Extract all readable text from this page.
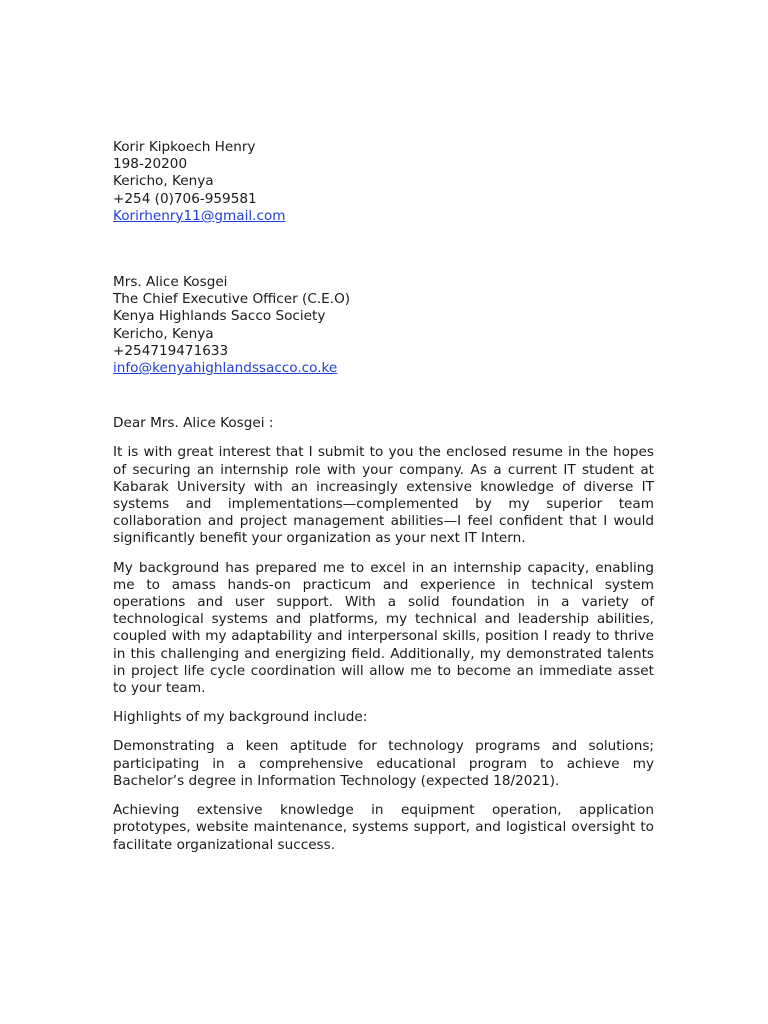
Korir Kipkoech Henry
198-20200
Kericho, Kenya
+254 (0)706-959581
Korirhenry11@gmail.com
Mrs. Alice Kosgei
The Chief Executive Officer (C.E.O)
Kenya Highlands Sacco Society
Kericho, Kenya
+254719471633
info@kenyahighlandssacco.co.ke
Dear Mrs. Alice Kosgei :

It is with great interest that I submit to you the enclosed resume in the hopes of securing an internship role with your company. As a current IT student at Kabarak University with an increasingly extensive knowledge of diverse IT systems and implementations—complemented by my superior team collaboration and project management abilities—I feel confident that I would significantly benefit your organization as your next IT Intern.

My background has prepared me to excel in an internship capacity, enabling me to amass hands-on practicum and experience in technical system operations and user support. With a solid foundation in a variety of technological systems and platforms, my technical and leadership abilities, coupled with my adaptability and interpersonal skills, position I ready to thrive in this challenging and energizing field. Additionally, my demonstrated talents in project life cycle coordination will allow me to become an immediate asset to your team.

Highlights of my background include:

Demonstrating a keen aptitude for technology programs and solutions; participating in a comprehensive educational program to achieve my Bachelor’s degree in Information Technology (expected 18/2021).

Achieving extensive knowledge in equipment operation, application prototypes, website maintenance, systems support, and logistical oversight to facilitate organizational success.
